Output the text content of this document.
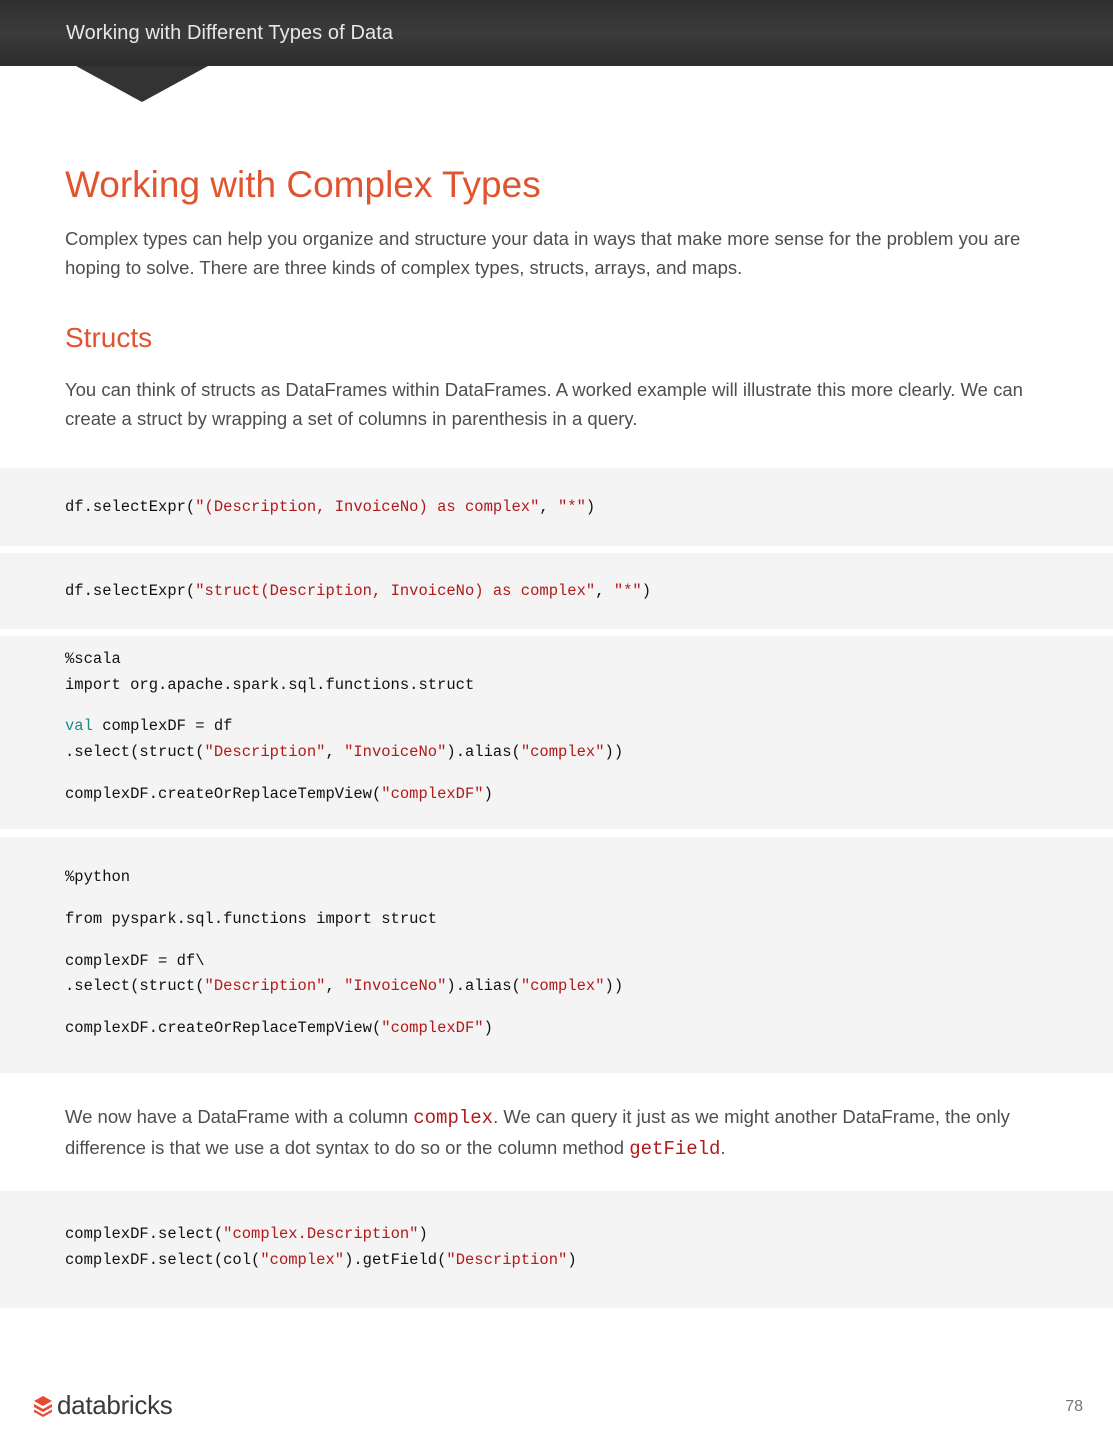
Working with Different Types of Data
Working with Complex Types

Complex types can help you organize and structure your data in ways that make more sense for the problem you are hoping to solve. There are three kinds of complex types, structs, arrays, and maps.

Structs

You can think of structs as DataFrames within DataFrames. A worked example will illustrate this more clearly. We can create a struct by wrapping a set of columns in parenthesis in a query.

df.selectExpr("(Description, InvoiceNo) as complex", "*")
df.selectExpr("struct(Description, InvoiceNo) as complex", "*")

%scala

import org.apache.spark.sql.functions.struct

val complexDF = df

.select(struct("Description", "InvoiceNo").alias("complex"))

complexDF.createOrReplaceTempView("complexDF")

%python

from pyspark.sql.functions import struct

complexDF = df\

.select(struct("Description", "InvoiceNo").alias("complex"))

complexDF.createOrReplaceTempView("complexDF")

We now have a DataFrame with a column complex. We can query it just as we might another DataFrame, the only difference is that we use a dot syntax to do so or the column method getField.

complexDF.select("complex.Description")

complexDF.select(col("complex").getField("Description")

databricks	78
